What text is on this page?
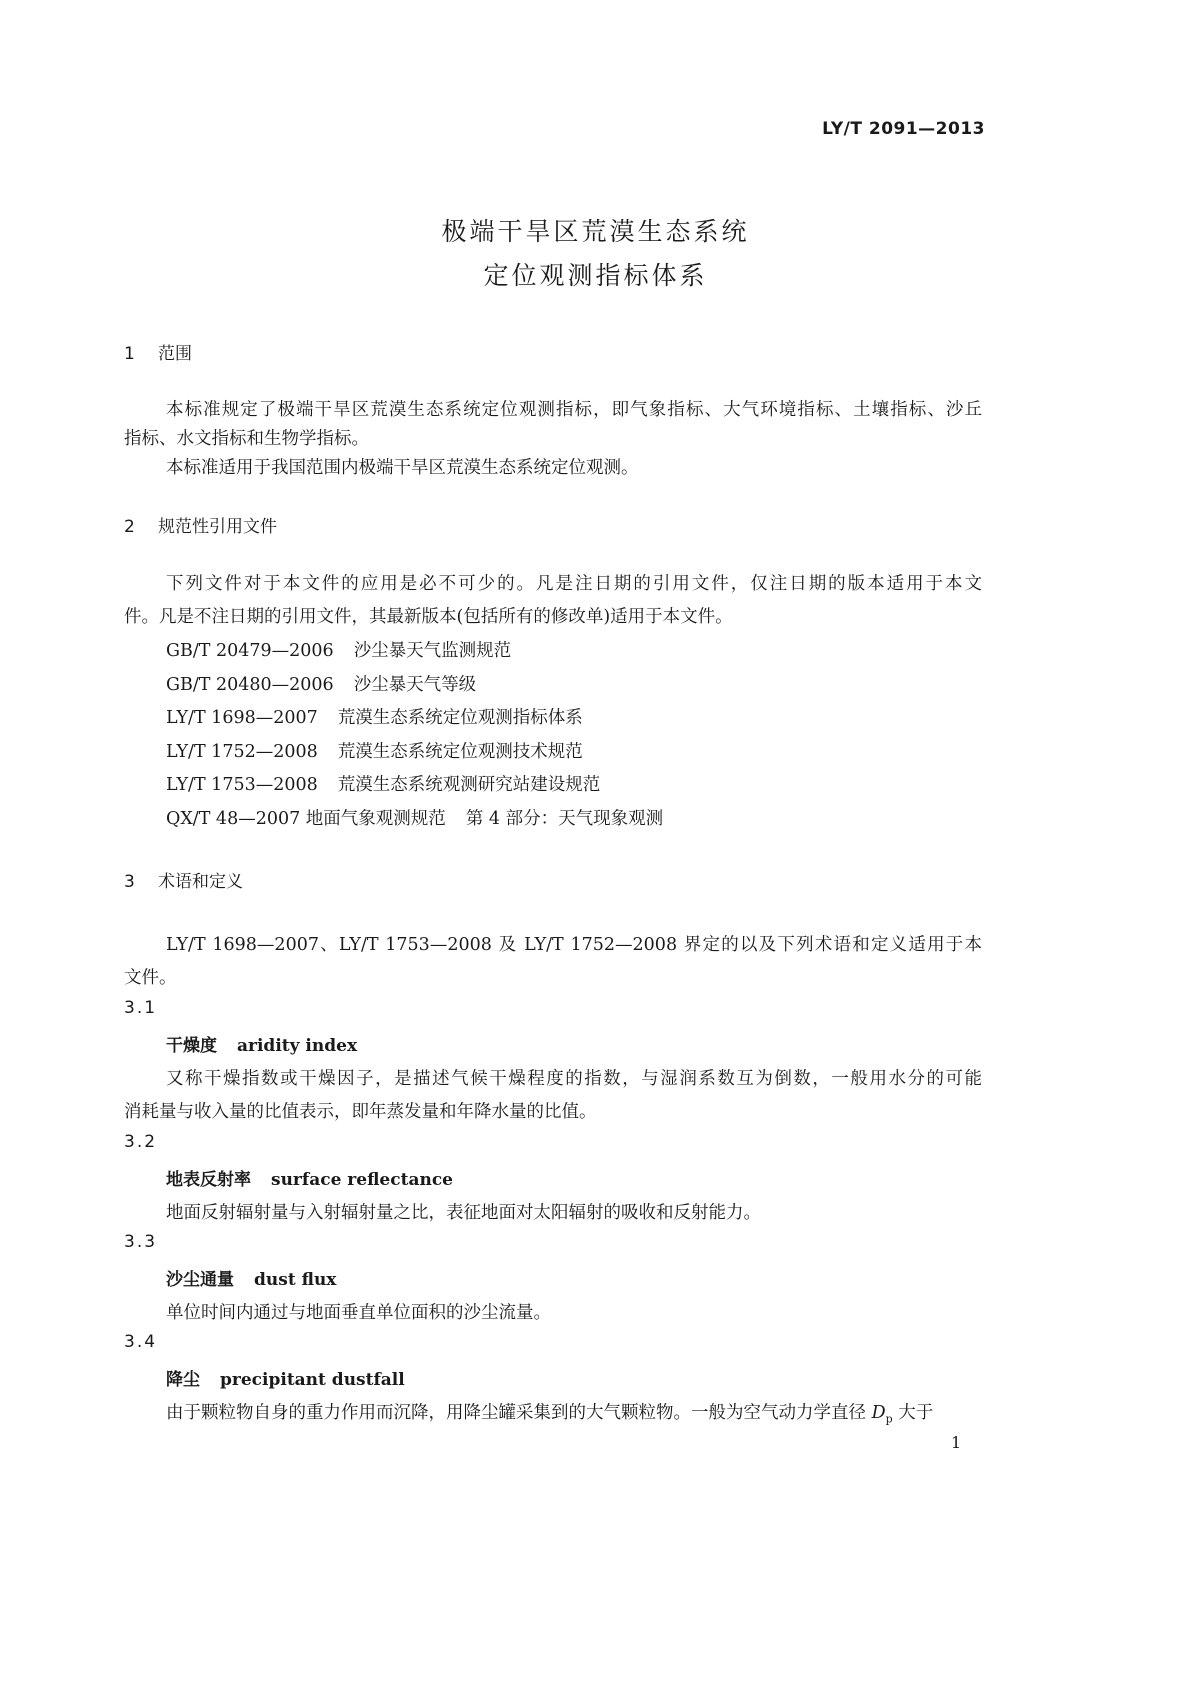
LY/T 2091—2013
极端干旱区荒漠生态系统
定位观测指标体系
1 范围
本标准规定了极端干旱区荒漠生态系统定位观测指标，即气象指标、大气环境指标、土壤指标、沙丘
指标、水文指标和生物学指标。
本标准适用于我国范围内极端干旱区荒漠生态系统定位观测。
2 规范性引用文件
下列文件对于本文件的应用是必不可少的。凡是注日期的引用文件，仅注日期的版本适用于本文
件。凡是不注日期的引用文件，其最新版本(包括所有的修改单)适用于本文件。
GB/T 20479—2006 沙尘暴天气监测规范
GB/T 20480—2006 沙尘暴天气等级
LY/T 1698—2007 荒漠生态系统定位观测指标体系
LY/T 1752—2008 荒漠生态系统定位观测技术规范
LY/T 1753—2008 荒漠生态系统观测研究站建设规范
QX/T 48—2007 地面气象观测规范 第 4 部分：天气现象观测
3 术语和定义
LY/T 1698—2007、LY/T 1753—2008 及 LY/T 1752—2008 界定的以及下列术语和定义适用于本
文件。
3.1
干燥度 aridity index
又称干燥指数或干燥因子，是描述气候干燥程度的指数，与湿润系数互为倒数，一般用水分的可能
消耗量与收入量的比值表示，即年蒸发量和年降水量的比值。
3.2
地表反射率 surface reflectance
地面反射辐射量与入射辐射量之比，表征地面对太阳辐射的吸收和反射能力。
3.3
沙尘通量 dust flux
单位时间内通过与地面垂直单位面积的沙尘流量。
3.4
降尘 precipitant dustfall
由于颗粒物自身的重力作用而沉降，用降尘罐采集到的大气颗粒物。一般为空气动力学直径 $D_p$ 大于
1
